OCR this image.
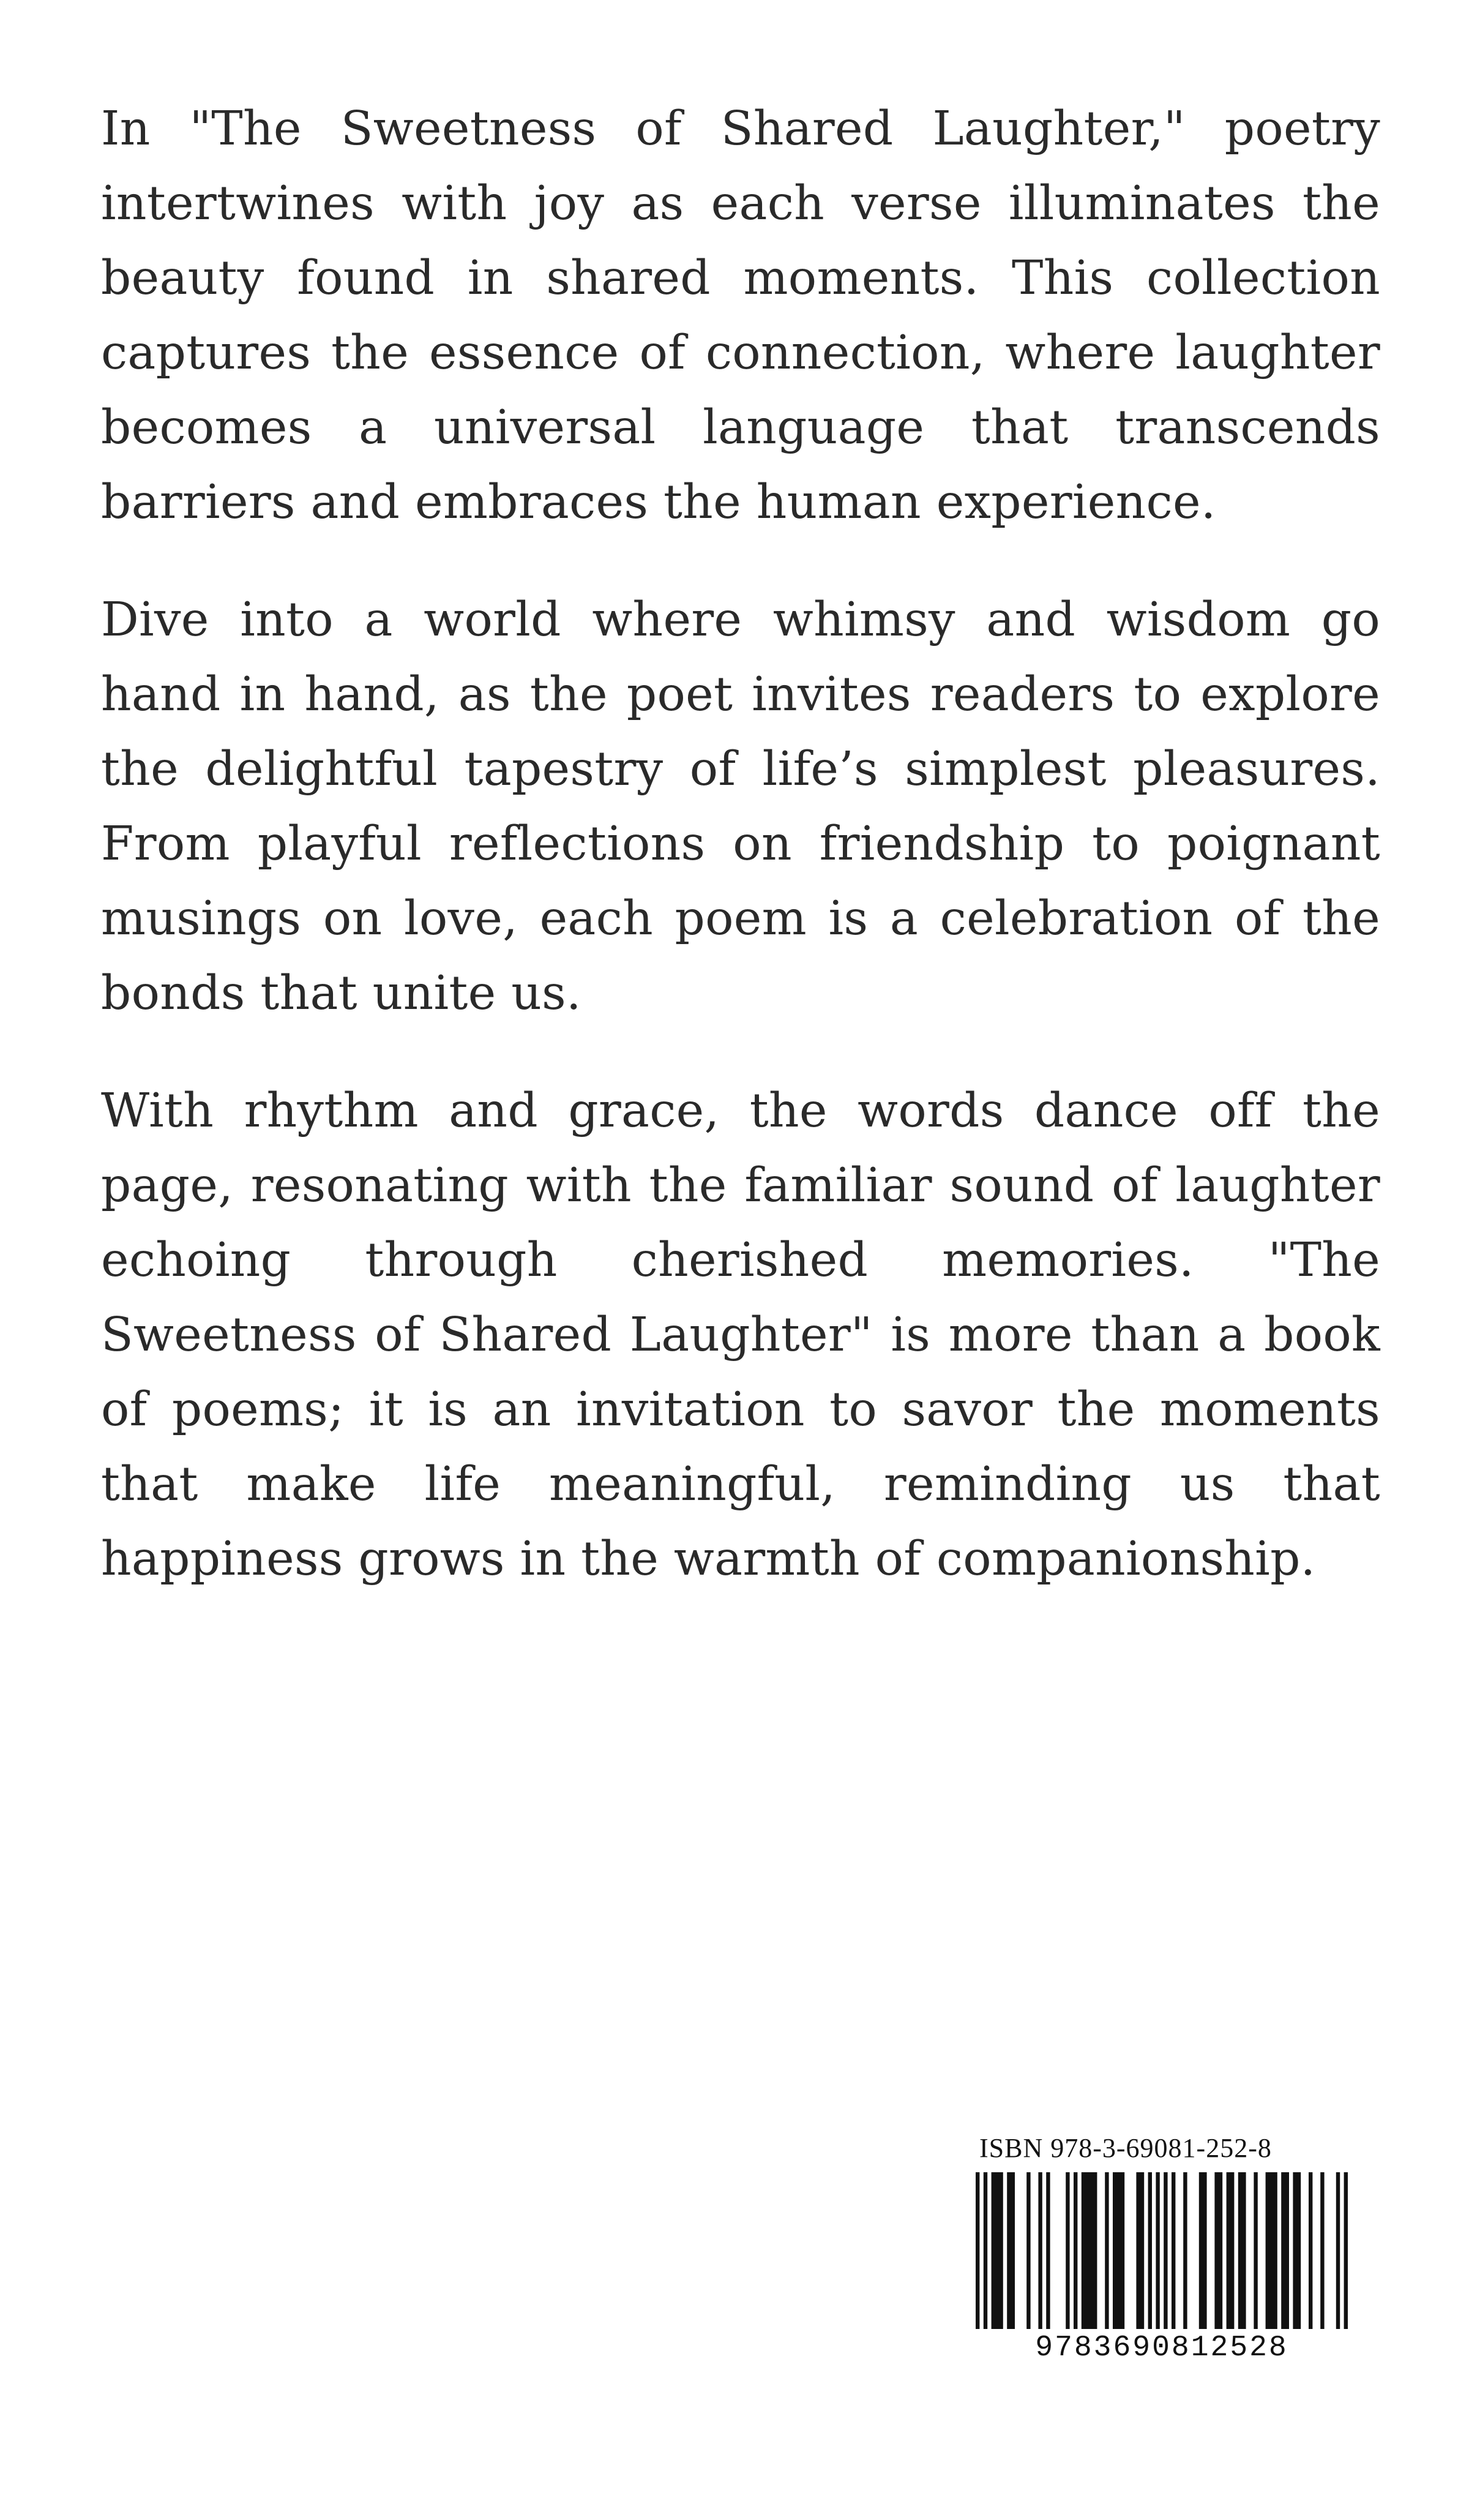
In "The Sweetness of Shared Laughter," poetry intertwines with joy as each verse illuminates the beauty found in shared moments. This collection captures the essence of connection, where laughter becomes a universal language that transcends barriers and embraces the human experience.

Dive into a world where whimsy and wisdom go hand in hand, as the poet invites readers to explore the delightful tapestry of life’s simplest pleasures. From playful reflections on friendship to poignant musings on love, each poem is a celebration of the bonds that unite us.

With rhythm and grace, the words dance off the page, resonating with the familiar sound of laughter echoing through cherished memories. "The Sweetness of Shared Laughter" is more than a book of poems; it is an invitation to savor the moments that make life meaningful, reminding us that happiness grows in the warmth of companionship.

ISBN 978-3-69081-252-8
9783690812528
